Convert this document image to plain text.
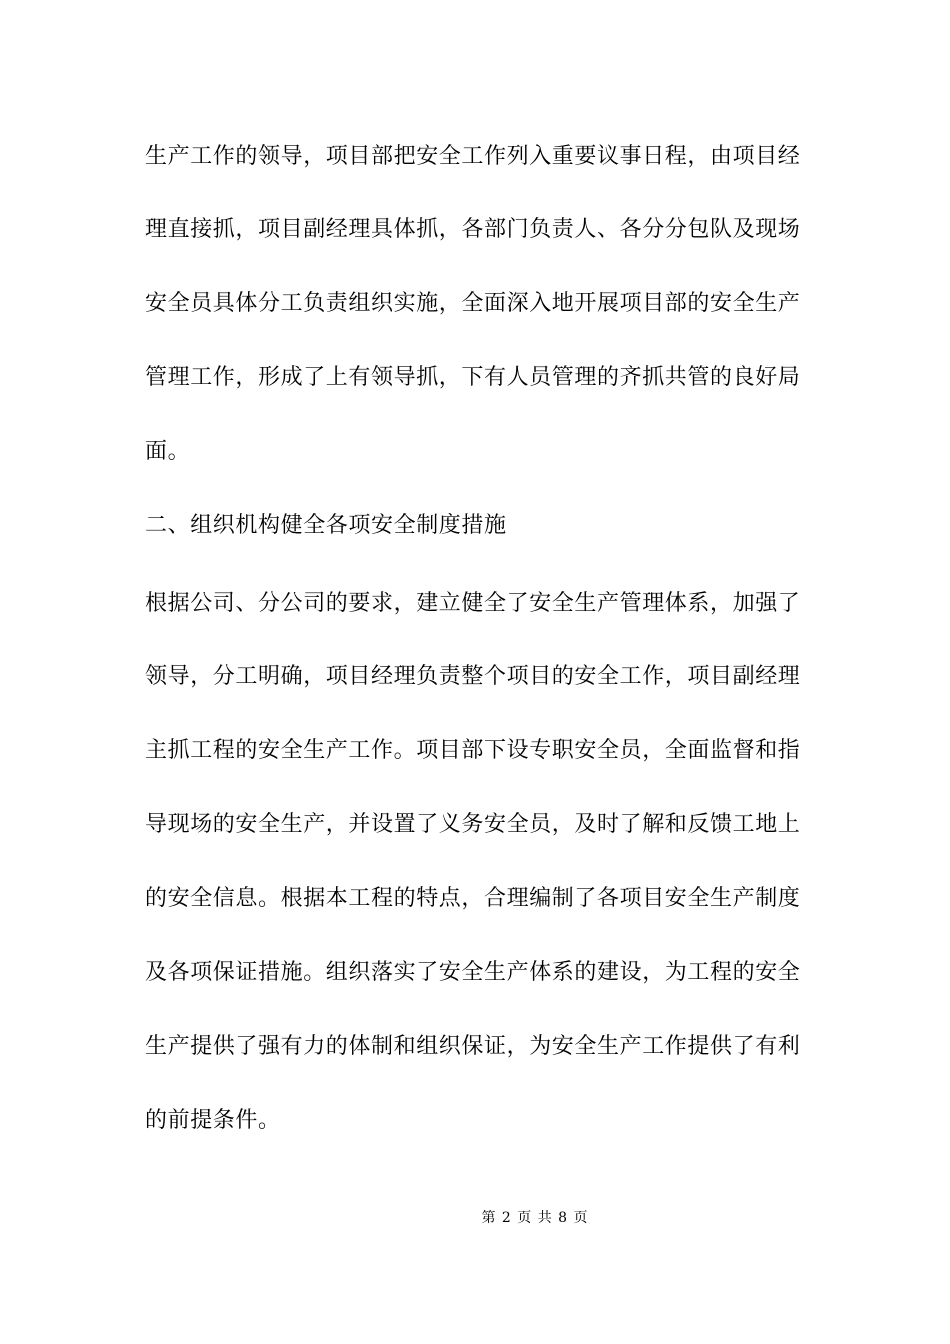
生产工作的领导，项目部把安全工作列入重要议事日程，由项目经
理直接抓，项目副经理具体抓，各部门负责人、各分分包队及现场
安全员具体分工负责组织实施，全面深入地开展项目部的安全生产
管理工作，形成了上有领导抓，下有人员管理的齐抓共管的良好局
面。
二、组织机构健全各项安全制度措施
根据公司、分公司的要求，建立健全了安全生产管理体系，加强了
领导，分工明确，项目经理负责整个项目的安全工作，项目副经理
主抓工程的安全生产工作。项目部下设专职安全员，全面监督和指
导现场的安全生产，并设置了义务安全员，及时了解和反馈工地上
的安全信息。根据本工程的特点，合理编制了各项目安全生产制度
及各项保证措施。组织落实了安全生产体系的建设，为工程的安全
生产提供了强有力的体制和组织保证，为安全生产工作提供了有利
的前提条件。
第 2 页 共 8 页
